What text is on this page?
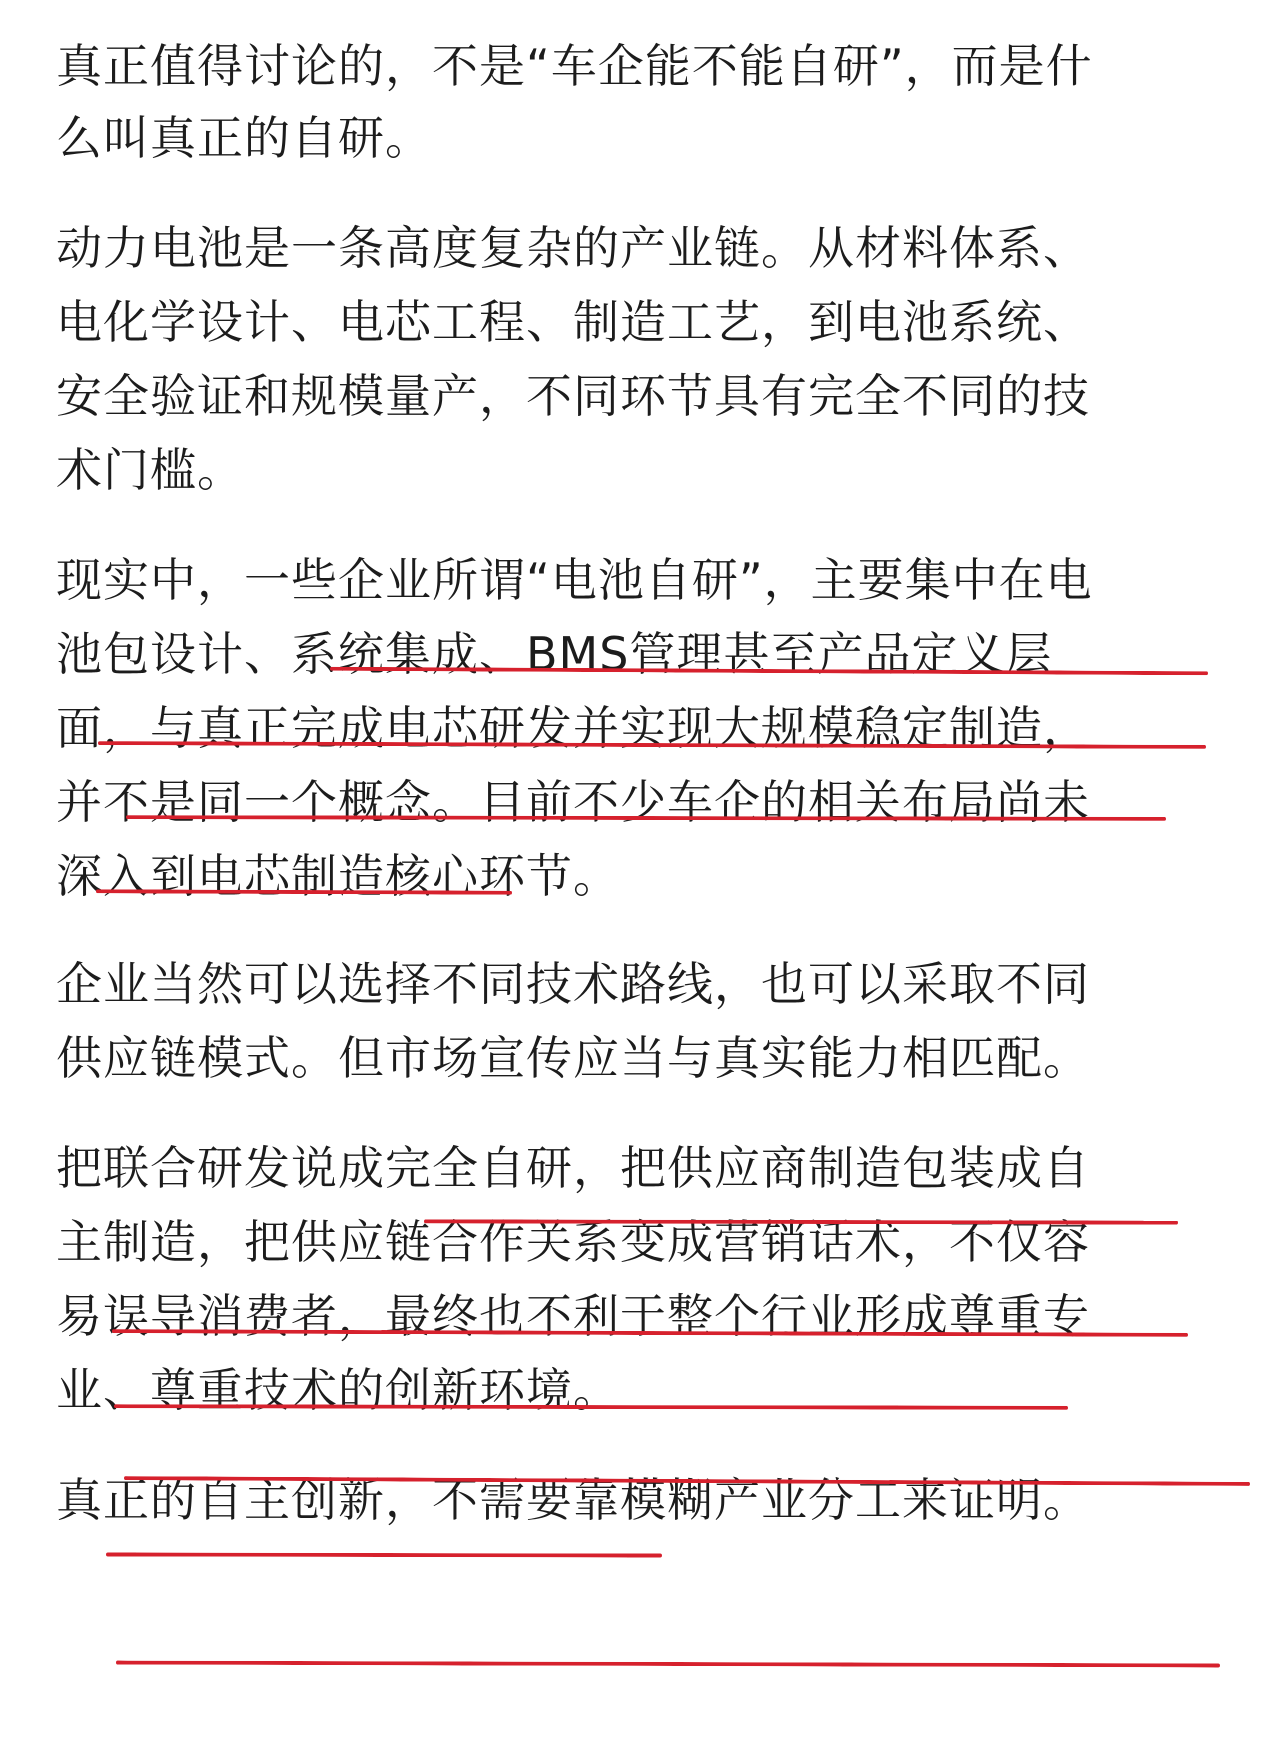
真正值得讨论的，不是“车企能不能自研”，而是什
么叫真正的自研。

动力电池是一条高度复杂的产业链。从材料体系、
电化学设计、电芯工程、制造工艺，到电池系统、
安全验证和规模量产，不同环节具有完全不同的技
术门槛。

现实中，一些企业所谓“电池自研”，主要集中在电
池包设计、系统集成、BMS管理甚至产品定义层
面，与真正完成电芯研发并实现大规模稳定制造，
并不是同一个概念。目前不少车企的相关布局尚未
深入到电芯制造核心环节。

企业当然可以选择不同技术路线，也可以采取不同
供应链模式。但市场宣传应当与真实能力相匹配。

把联合研发说成完全自研，把供应商制造包装成自
主制造，把供应链合作关系变成营销话术，不仅容
易误导消费者，最终也不利于整个行业形成尊重专
业、尊重技术的创新环境。

真正的自主创新，不需要靠模糊产业分工来证明。
